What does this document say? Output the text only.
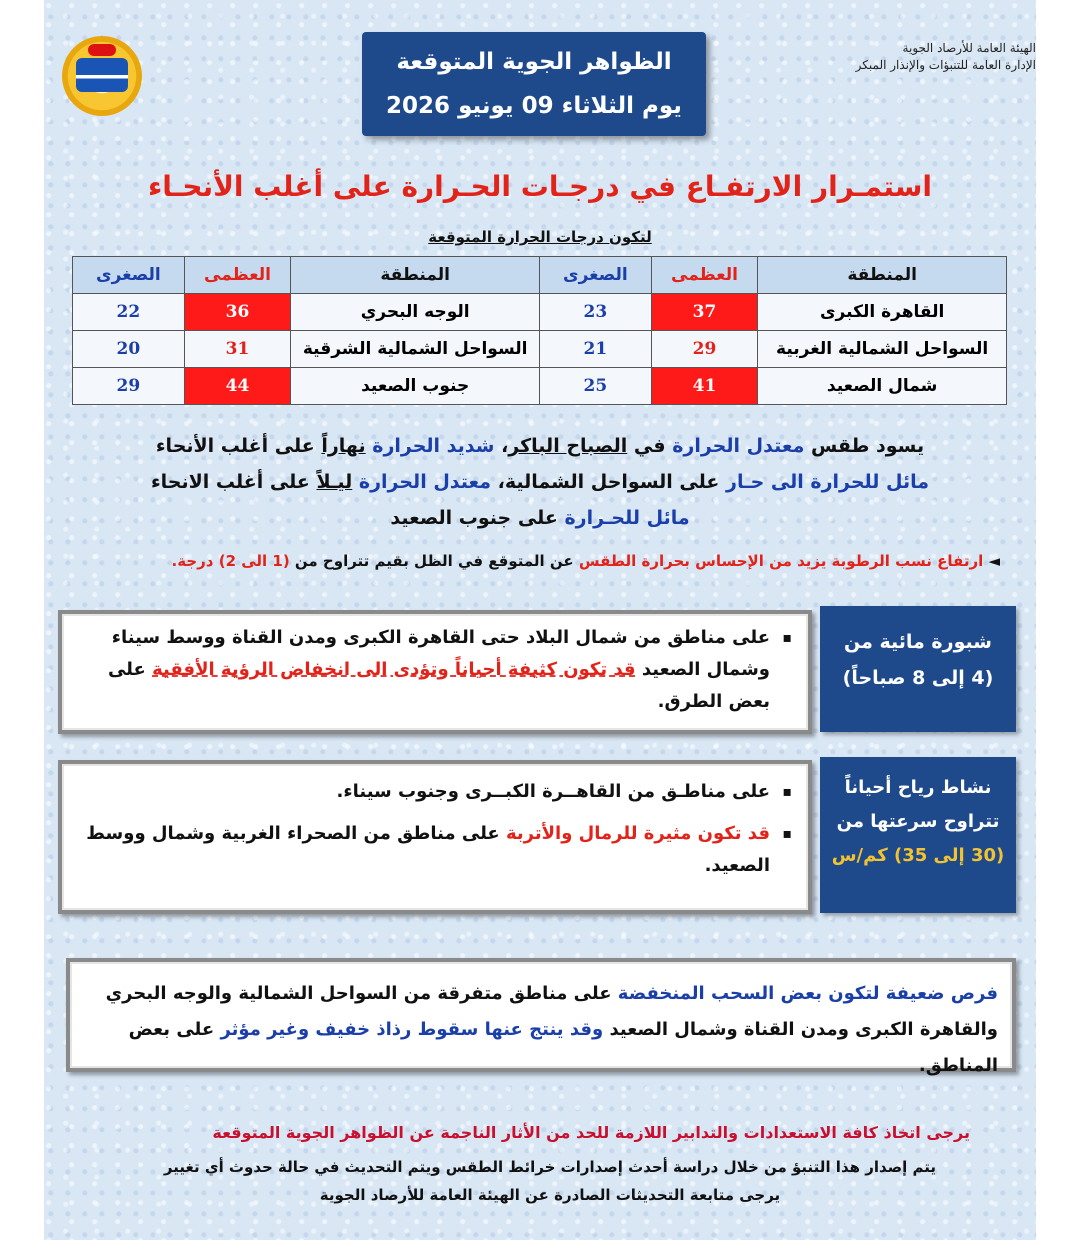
الهيئة العامة للأرصاد الجوية
الإدارة العامة للتنبؤات والإنذار المبكر
الظواهر الجوية المتوقعة
يوم الثلاثاء 09 يونيو 2026
استمـرار الارتفـاع في درجـات الحـرارة على أغلب الأنحـاء
لتكون درجات الحرارة المتوقعة
المنطقة	العظمى	الصغرى	المنطقة	العظمى	الصغرى
القاهرة الكبرى	37	23	الوجه البحري	36	22
السواحل الشمالية الغربية	29	21	السواحل الشمالية الشرقية	31	20
شمال الصعيد	41	25	جنوب الصعيد	44	29
يسود طقس معتدل الحرارة في الصباح الباكر، شديد الحرارة نهاراً على أغلب الأنحاء
مائل للحرارة الى حـار على السواحل الشمالية، معتدل الحرارة ليـلاً على أغلب الانحاء
مائل للحـرارة على جنوب الصعيد
◄ ارتفاع نسب الرطوبة يزيد من الإحساس بحرارة الطقس عن المتوقع في الظل بقيم تتراوح من (1 الى 2) درجة.
شبورة مائية من
(4 إلى 8 صباحاً)
▪ على مناطق من شمال البلاد حتى القاهرة الكبرى ومدن القناة ووسط سيناء وشمال الصعيد قد تكون كثيفة أحياناً وتؤدى الى انخفاض الرؤية الأفقية على بعض الطرق.
نشاط رياح أحياناً
تتراوح سرعتها من
(30 إلى 35) كم/س
▪ على مناطـق من القاهــرة الكبــرى وجنوب سيناء.
▪ قد تكون مثيرة للرمال والأتربة على مناطق من الصحراء الغربية وشمال ووسط الصعيد.
فرص ضعيفة لتكون بعض السحب المنخفضة على مناطق متفرقة من السواحل الشمالية والوجه البحري والقاهرة الكبرى ومدن القناة وشمال الصعيد وقد ينتج عنها سقوط رذاذ خفيف وغير مؤثر على بعض المناطق.
يرجى اتخاذ كافة الاستعدادات والتدابير اللازمة للحد من الأثار الناجمة عن الظواهر الجوية المتوقعة
يتم إصدار هذا التنبؤ من خلال دراسة أحدث إصدارات خرائط الطقس ويتم التحديث في حالة حدوث أي تغيير
يرجى متابعة التحديثات الصادرة عن الهيئة العامة للأرصاد الجوية
